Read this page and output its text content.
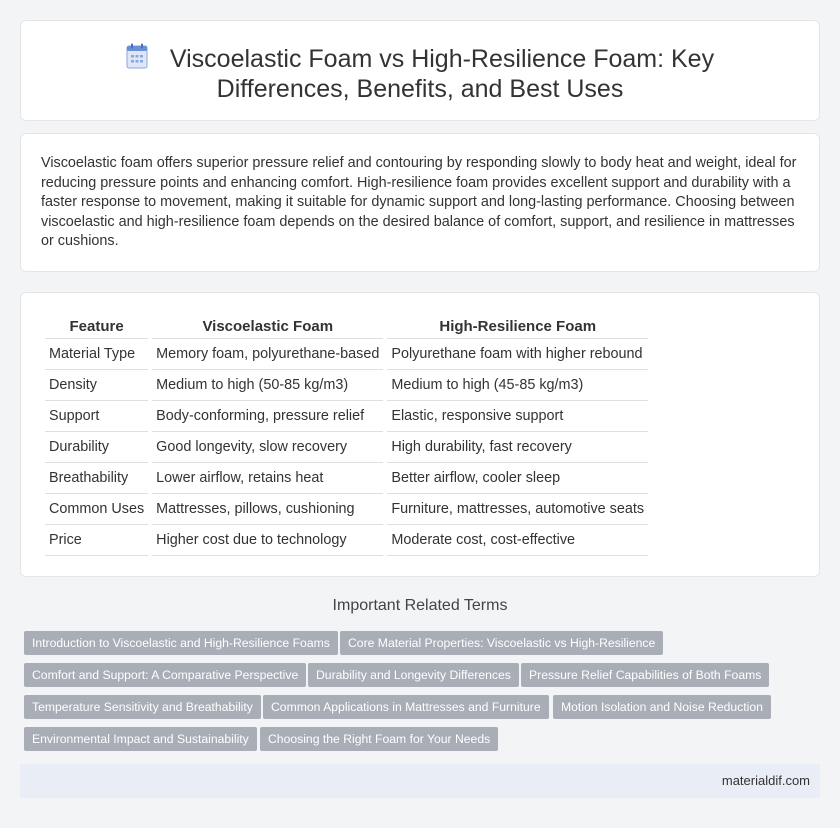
Viscoelastic Foam vs High-Resilience Foam: Key Differences, Benefits, and Best Uses

Viscoelastic foam offers superior pressure relief and contouring by responding slowly to body heat and weight, ideal for reducing pressure points and enhancing comfort. High-resilience foam provides excellent support and durability with a faster response to movement, making it suitable for dynamic support and long-lasting performance. Choosing between viscoelastic and high-resilience foam depends on the desired balance of comfort, support, and resilience in mattresses or cushions.

Feature	Viscoelastic Foam	High-Resilience Foam
Material Type	Memory foam, polyurethane-based	Polyurethane foam with higher rebound
Density	Medium to high (50-85 kg/m3)	Medium to high (45-85 kg/m3)
Support	Body-conforming, pressure relief	Elastic, responsive support
Durability	Good longevity, slow recovery	High durability, fast recovery
Breathability	Lower airflow, retains heat	Better airflow, cooler sleep
Common Uses	Mattresses, pillows, cushioning	Furniture, mattresses, automotive seats
Price	Higher cost due to technology	Moderate cost, cost-effective
Important Related Terms
Introduction to Viscoelastic and High-Resilience Foams	Core Material Properties: Viscoelastic vs High-Resilience
Comfort and Support: A Comparative Perspective	Durability and Longevity Differences	Pressure Relief Capabilities of Both Foams
Temperature Sensitivity and Breathability	Common Applications in Mattresses and Furniture	Motion Isolation and Noise Reduction
Environmental Impact and Sustainability	Choosing the Right Foam for Your Needs
materialdif.com
